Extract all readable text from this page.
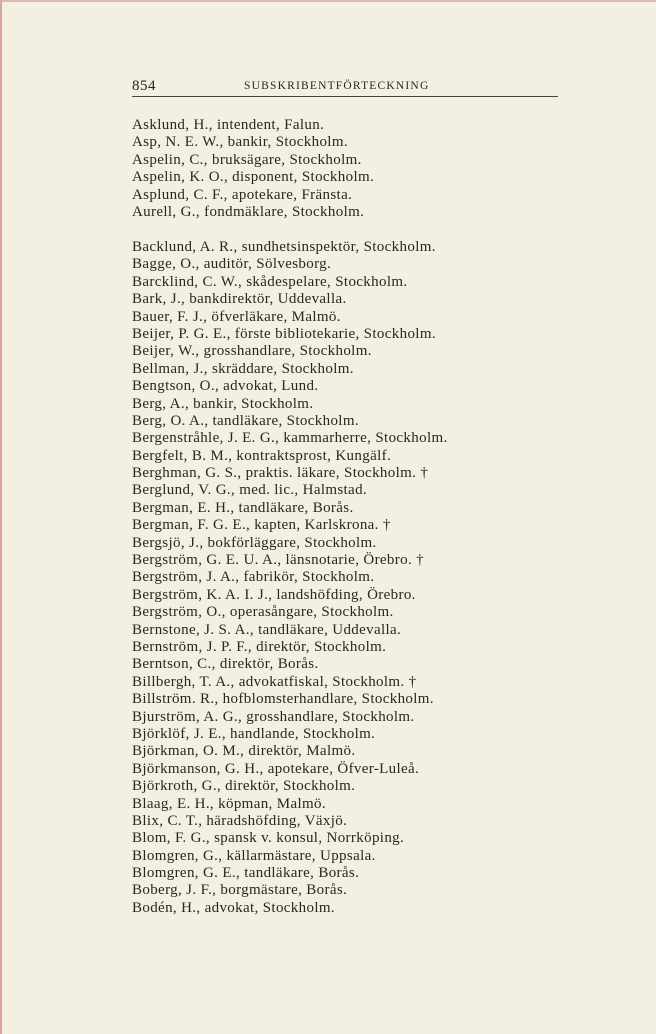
854	SUBSKRIBENTFÖRTECKNING
Asklund, H., intendent, Falun.
Asp, N. E. W., bankir, Stockholm.
Aspelin, C., bruksägare, Stockholm.
Aspelin, K. O., disponent, Stockholm.
Asplund, C. F., apotekare, Fränsta.
Aurell, G., fondmäklare, Stockholm.
Backlund, A. R., sundhetsinspektör, Stockholm.
Bagge, O., auditör, Sölvesborg.
Barcklind, C. W., skådespelare, Stockholm.
Bark, J., bankdirektör, Uddevalla.
Bauer, F. J., öfverläkare, Malmö.
Beijer, P. G. E., förste bibliotekarie, Stockholm.
Beijer, W., grosshandlare, Stockholm.
Bellman, J., skräddare, Stockholm.
Bengtson, O., advokat, Lund.
Berg, A., bankir, Stockholm.
Berg, O. A., tandläkare, Stockholm.
Bergenstråhle, J. E. G., kammarherre, Stockholm.
Bergfelt, B. M., kontraktsprost, Kungälf.
Berghman, G. S., praktis. läkare, Stockholm. †
Berglund, V. G., med. lic., Halmstad.
Bergman, E. H., tandläkare, Borås.
Bergman, F. G. E., kapten, Karlskrona. †
Bergsjö, J., bokförläggare, Stockholm.
Bergström, G. E. U. A., länsnotarie, Örebro. †
Bergström, J. A., fabrikör, Stockholm.
Bergström, K. A. I. J., landshöfding, Örebro.
Bergström, O., operasångare, Stockholm.
Bernstone, J. S. A., tandläkare, Uddevalla.
Bernström, J. P. F., direktör, Stockholm.
Berntson, C., direktör, Borås.
Billbergh, T. A., advokatfiskal, Stockholm. †
Billström. R., hofblomsterhandlare, Stockholm.
Bjurström, A. G., grosshandlare, Stockholm.
Björklöf, J. E., handlande, Stockholm.
Björkman, O. M., direktör, Malmö.
Björkmanson, G. H., apotekare, Öfver-Luleå.
Björkroth, G., direktör, Stockholm.
Blaag, E. H., köpman, Malmö.
Blix, C. T., häradshöfding, Växjö.
Blom, F. G., spansk v. konsul, Norrköping.
Blomgren, G., källarmästare, Uppsala.
Blomgren, G. E., tandläkare, Borås.
Boberg, J. F., borgmästare, Borås.
Bodén, H., advokat, Stockholm.
